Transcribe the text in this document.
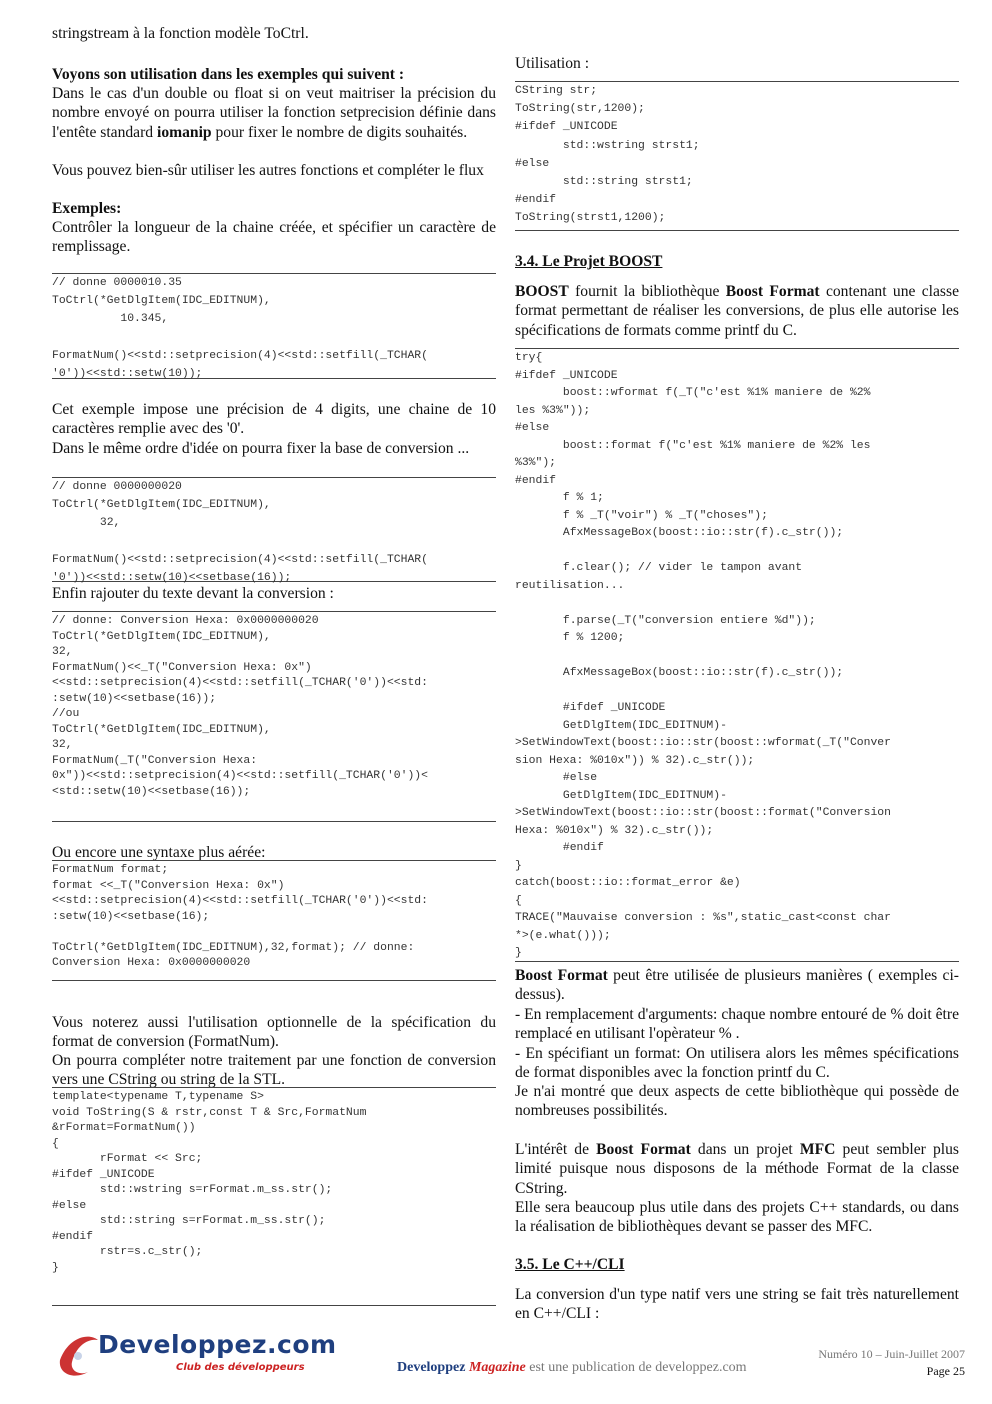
stringstream à la fonction modèle ToCtrl.
Voyons son utilisation dans les exemples qui suivent :
Dans le cas d'un double ou float si on veut maitriser la précision du nombre envoyé on pourra utiliser la fonction setprecision définie dans l'entête standard iomanip pour fixer le nombre de digits souhaités.
Vous pouvez bien-sûr utiliser les autres fonctions et compléter le flux
Exemples:
Contrôler la longueur de la chaine créée, et spécifier un caractère de remplissage.
// donne 0000010.35
ToCtrl(*GetDlgItem(IDC_EDITNUM),
10.345,

FormatNum()<<std::setprecision(4)<<std::setfill(_TCHAR(
'0'))<<std::setw(10));
Cet exemple impose une précision de 4 digits, une chaine de 10 caractères remplie avec des '0'.
Dans le même ordre d'idée on pourra fixer la base de conversion ...
// donne 0000000020
ToCtrl(*GetDlgItem(IDC_EDITNUM),
32,

FormatNum()<<std::setprecision(4)<<std::setfill(_TCHAR(
'0'))<<std::setw(10)<<setbase(16));
Enfin rajouter du texte devant la conversion :
// donne: Conversion Hexa: 0x0000000020
ToCtrl(*GetDlgItem(IDC_EDITNUM),
32,
FormatNum()<<_T("Conversion Hexa: 0x")
<<std::setprecision(4)<<std::setfill(_TCHAR('0'))<<std:
:setw(10)<<setbase(16));
//ou
ToCtrl(*GetDlgItem(IDC_EDITNUM),
32,
FormatNum(_T("Conversion Hexa:
0x"))<<std::setprecision(4)<<std::setfill(_TCHAR('0'))<
<std::setw(10)<<setbase(16));
Ou encore une syntaxe plus aérée:
FormatNum format;
format <<_T("Conversion Hexa: 0x")
<<std::setprecision(4)<<std::setfill(_TCHAR('0'))<<std:
:setw(10)<<setbase(16);

ToCtrl(*GetDlgItem(IDC_EDITNUM),32,format); // donne:
Conversion Hexa: 0x0000000020
Vous noterez aussi l'utilisation optionnelle de la spécification du format de conversion (FormatNum).
On pourra compléter notre traitement par une fonction de conversion vers une CString ou string de la STL.
template<typename T,typename S>
void ToString(S & rstr,const T & Src,FormatNum
&rFormat=FormatNum())
{
rFormat << Src;
#ifdef _UNICODE
std::wstring s=rFormat.m_ss.str();
#else
std::string s=rFormat.m_ss.str();
#endif
rstr=s.c_str();
}
Utilisation :
CString str;
ToString(str,1200);
#ifdef _UNICODE
std::wstring strst1;
#else
std::string strst1;
#endif
ToString(strst1,1200);
3.4. Le Projet BOOST
BOOST fournit la bibliothèque Boost Format contenant une classe format permettant de réaliser les conversions, de plus elle autorise les spécifications de formats comme printf du C.
try{
#ifdef _UNICODE
boost::wformat f(_T("c'est %1% maniere de %2%
les %3%"));
#else
boost::format f("c'est %1% maniere de %2% les
%3%");
#endif
f % 1;
f % _T("voir") % _T("choses");
AfxMessageBox(boost::io::str(f).c_str());

f.clear(); // vider le tampon avant
reutilisation...

f.parse(_T("conversion entiere %d"));
f % 1200;

AfxMessageBox(boost::io::str(f).c_str());

#ifdef _UNICODE
GetDlgItem(IDC_EDITNUM)-
>SetWindowText(boost::io::str(boost::wformat(_T("Conver
sion Hexa: %010x")) % 32).c_str());
#else
GetDlgItem(IDC_EDITNUM)-
>SetWindowText(boost::io::str(boost::format("Conversion
Hexa: %010x") % 32).c_str());
#endif
}
catch(boost::io::format_error &e)
{
TRACE("Mauvaise conversion : %s",static_cast<const char
*>(e.what()));
}
Boost Format peut être utilisée de plusieurs manières ( exemples ci-dessus).
- En remplacement d'arguments: chaque nombre entouré de % doit être remplacé en utilisant l'opèrateur % .
- En spécifiant un format: On utilisera alors les mêmes spécifications de format disponibles avec la fonction printf du C.
Je n'ai montré que deux aspects de cette bibliothèque qui possède de nombreuses possibilités.
L'intérêt de Boost Format dans un projet MFC peut sembler plus limité puisque nous disposons de la méthode Format de la classe CString.
Elle sera beaucoup plus utile dans des projets C++ standards, ou dans la réalisation de bibliothèques devant se passer des MFC.
3.5. Le C++/CLI
La conversion d'un type natif vers une string se fait très naturellement en C++/CLI :
Developpez.com
Club des développeurs	Developpez Magazine est une publication de developpez.com
Numéro 10 – Juin-Juillet 2007
Page 25
